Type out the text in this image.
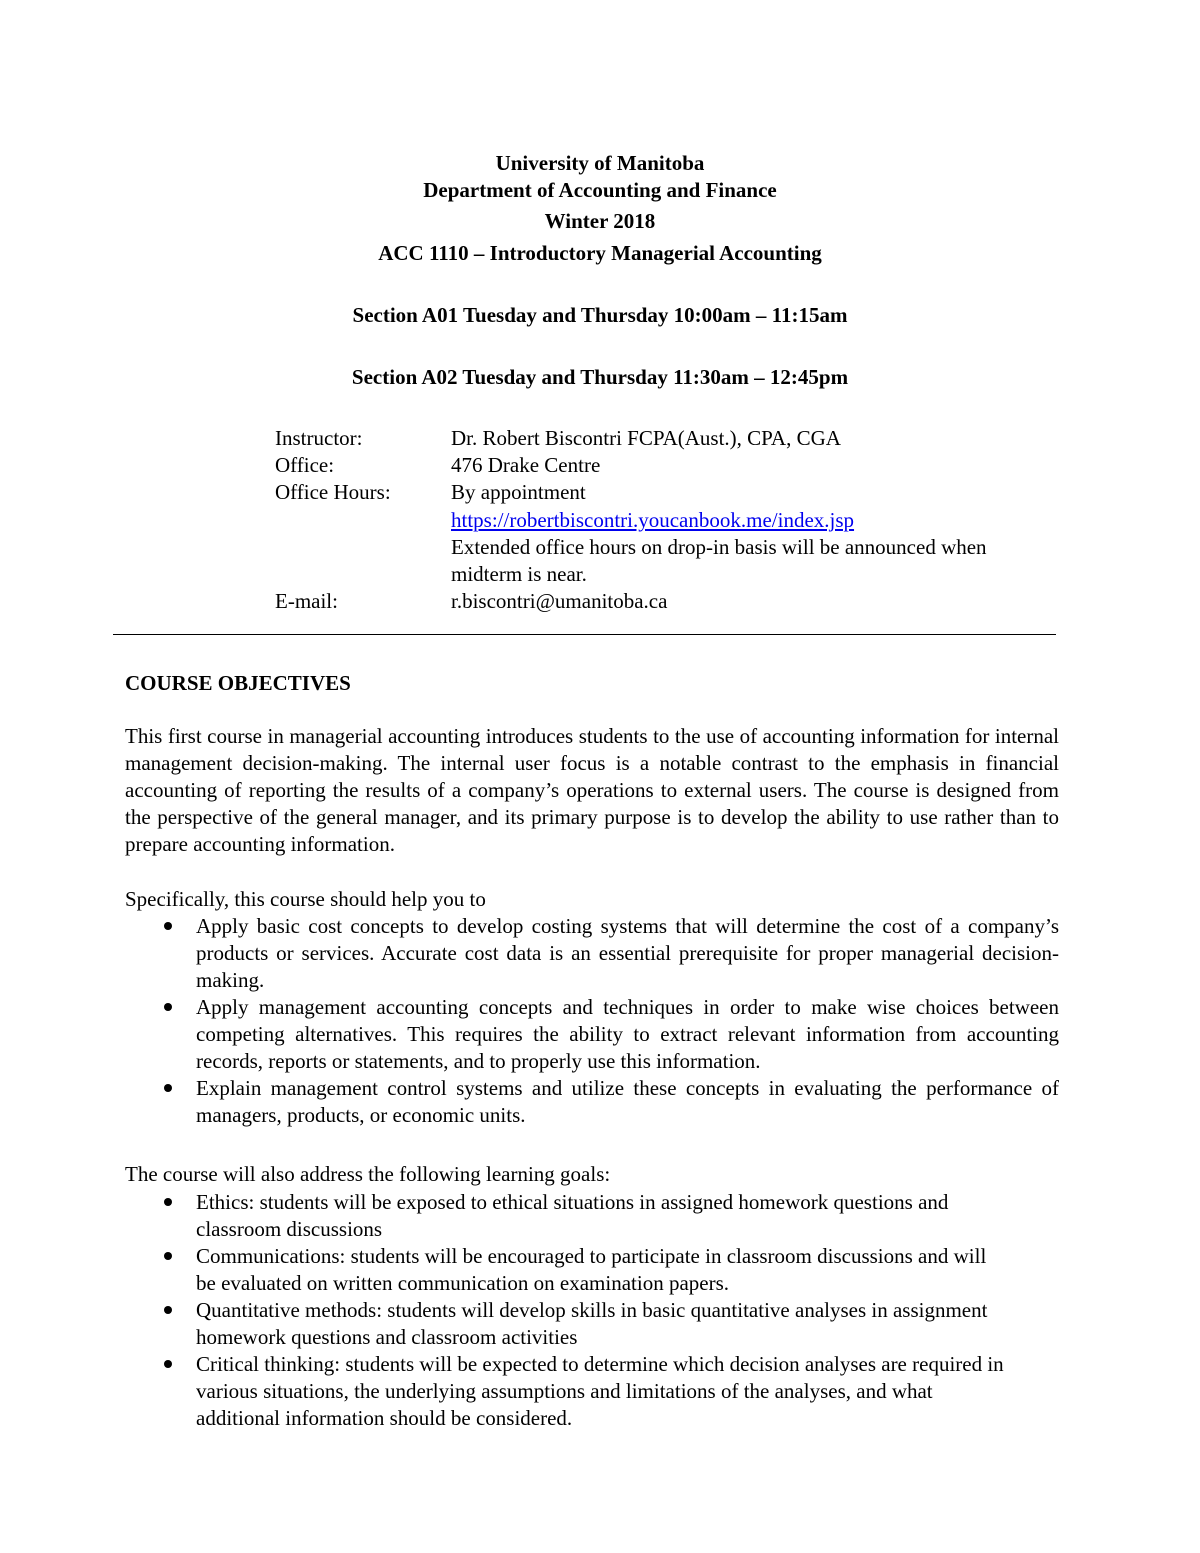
University of Manitoba
Department of Accounting and Finance
Winter 2018
ACC 1110 – Introductory Managerial Accounting
Section A01 Tuesday and Thursday 10:00am – 11:15am
Section A02 Tuesday and Thursday 11:30am – 12:45pm
Instructor:	Dr. Robert Biscontri FCPA(Aust.), CPA, CGA
Office:	476 Drake Centre
Office Hours:	By appointment
https://robertbiscontri.youcanbook.me/index.jsp
Extended office hours on drop-in basis will be announced when
midterm is near.
E-mail:	r.biscontri@umanitoba.ca
COURSE OBJECTIVES

This first course in managerial accounting introduces students to the use of accounting information for internal management decision-making. The internal user focus is a notable contrast to the emphasis in financial accounting of reporting the results of a company’s operations to external users. The course is designed from the perspective of the general manager, and its primary purpose is to develop the ability to use rather than to prepare accounting information.

Specifically, this course should help you to
Apply basic cost concepts to develop costing systems that will determine the cost of a company’s products or services. Accurate cost data is an essential prerequisite for proper managerial decision-making.
Apply management accounting concepts and techniques in order to make wise choices between competing alternatives. This requires the ability to extract relevant information from accounting records, reports or statements, and to properly use this information.
Explain management control systems and utilize these concepts in evaluating the performance of managers, products, or economic units.
The course will also address the following learning goals:
Ethics: students will be exposed to ethical situations in assigned homework questions and classroom discussions
Communications: students will be encouraged to participate in classroom discussions and will be evaluated on written communication on examination papers.
Quantitative methods: students will develop skills in basic quantitative analyses in assignment homework questions and classroom activities
Critical thinking: students will be expected to determine which decision analyses are required in various situations, the underlying assumptions and limitations of the analyses, and what additional information should be considered.
